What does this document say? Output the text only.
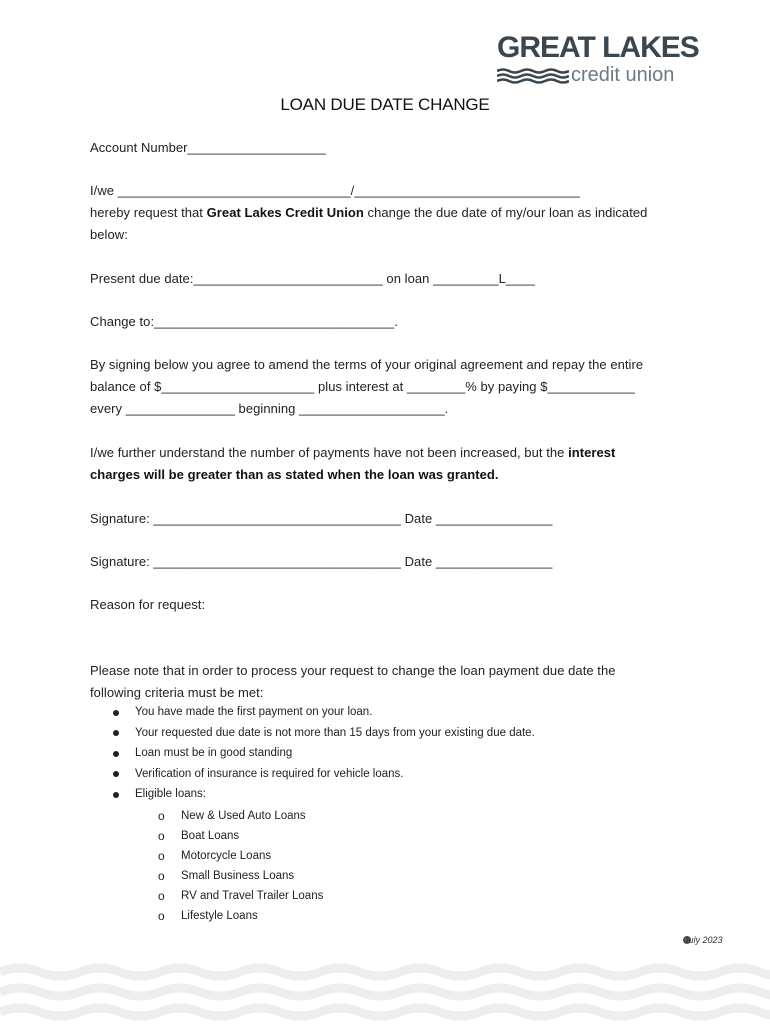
GREAT LAKES
credit union
LOAN DUE DATE CHANGE
Account Number___________________
I/we ________________________________/_______________________________
hereby request that Great Lakes Credit Union change the due date of my/our loan as indicated
below:
Present due date:__________________________ on loan _________L____
Change to:_________________________________.
By signing below you agree to amend the terms of your original agreement and repay the entire
balance of $_____________________ plus interest at ________% by paying $____________
every _______________ beginning ____________________.
I/we further understand the number of payments have not been increased, but the interest
charges will be greater than as stated when the loan was granted.
Signature: __________________________________ Date ________________
Signature: __________________________________ Date ________________
Reason for request:
Please note that in order to process your request to change the loan payment due date the
following criteria must be met:
You have made the first payment on your loan.
Your requested due date is not more than 15 days from your existing due date.
Loan must be in good standing
Verification of insurance is required for vehicle loans.
Eligible loans:
o New & Used Auto Loans
o Boat Loans
o Motorcycle Loans
o Small Business Loans
o RV and Travel Trailer Loans
o Lifestyle Loans
July 2023
